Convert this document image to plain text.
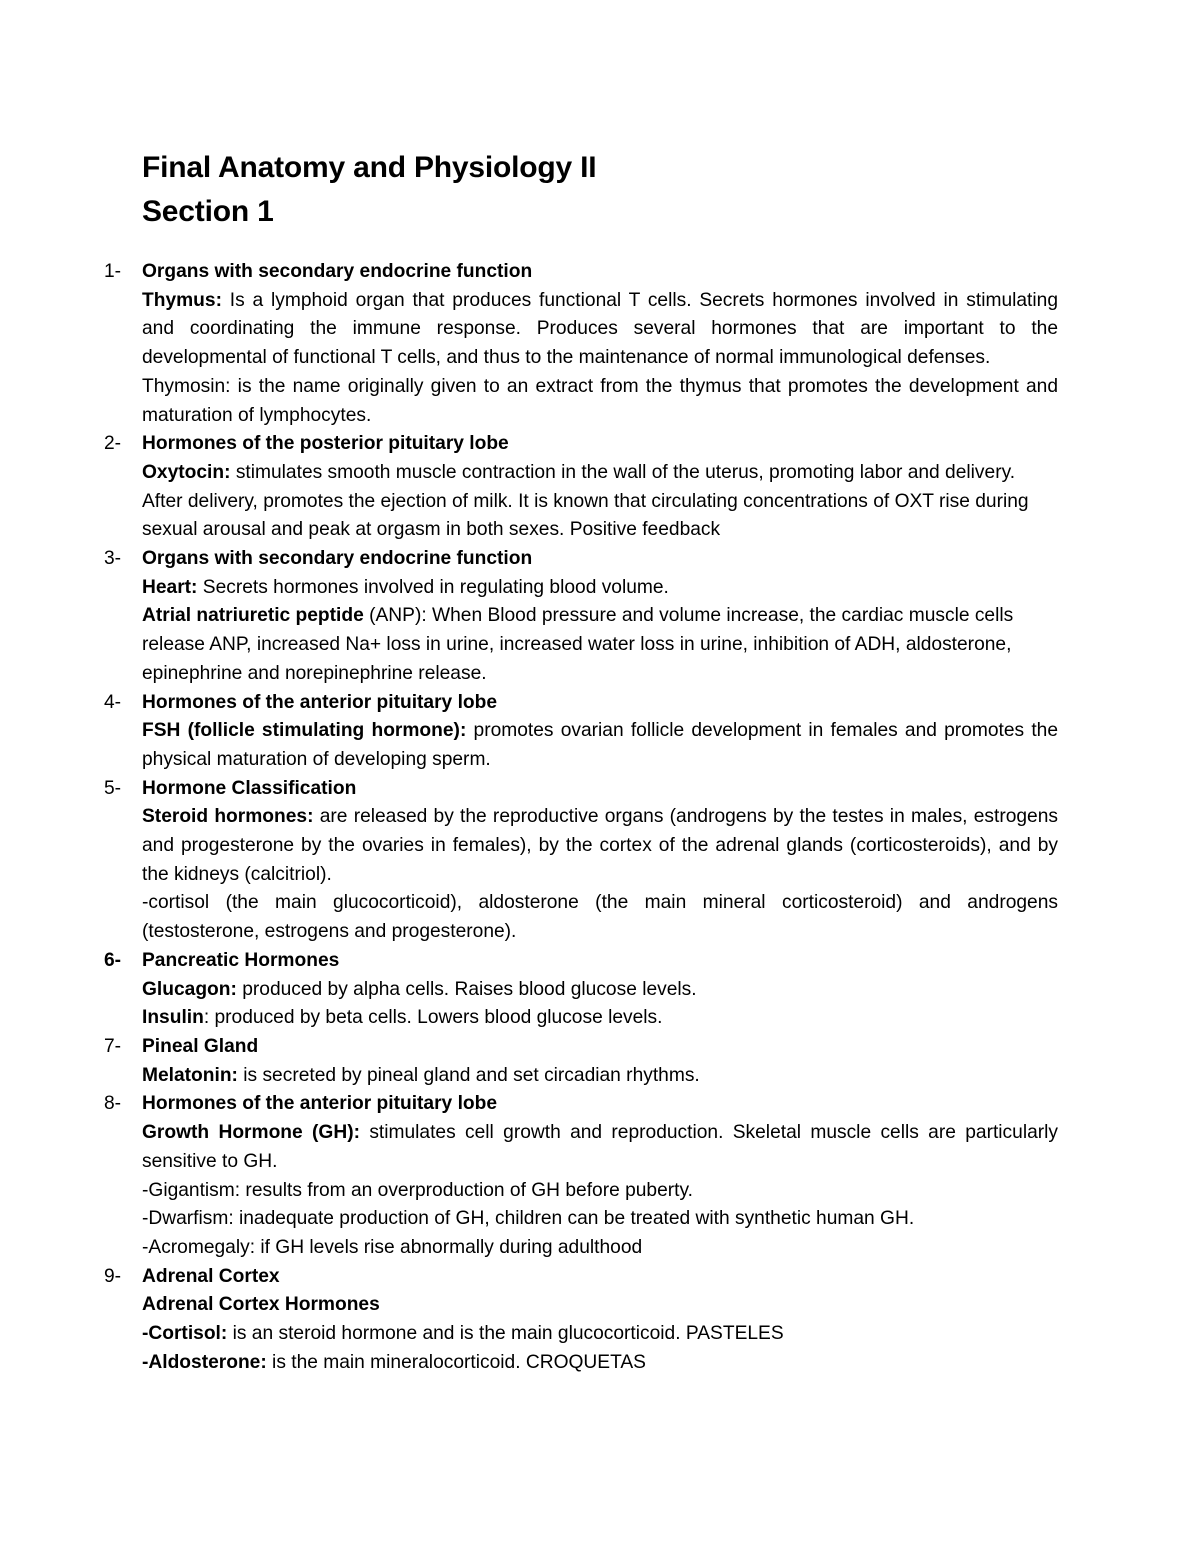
Final Anatomy and Physiology II
Section 1
1-	Organs with secondary endocrine function
Thymus: Is a lymphoid organ that produces functional T cells. Secrets hormones involved in stimulating and coordinating the immune response. Produces several hormones that are important to the developmental of functional T cells, and thus to the maintenance of normal immunological defenses.
Thymosin: is the name originally given to an extract from the thymus that promotes the development and maturation of lymphocytes.
2-	Hormones of the posterior pituitary lobe
Oxytocin: stimulates smooth muscle contraction in the wall of the uterus, promoting labor and delivery. After delivery, promotes the ejection of milk. It is known that circulating concentrations of OXT rise during sexual arousal and peak at orgasm in both sexes. Positive feedback
3-	Organs with secondary endocrine function
Heart: Secrets hormones involved in regulating blood volume.
Atrial natriuretic peptide (ANP): When Blood pressure and volume increase, the cardiac muscle cells release ANP, increased Na+ loss in urine, increased water loss in urine, inhibition of ADH, aldosterone, epinephrine and norepinephrine release.
4-	Hormones of the anterior pituitary lobe
FSH (follicle stimulating hormone): promotes ovarian follicle development in females and promotes the physical maturation of developing sperm.
5-	Hormone Classification
Steroid hormones: are released by the reproductive organs (androgens by the testes in males, estrogens and progesterone by the ovaries in females), by the cortex of the adrenal glands (corticosteroids), and by the kidneys (calcitriol).
-cortisol (the main glucocorticoid), aldosterone (the main mineral corticosteroid) and androgens (testosterone, estrogens and progesterone).
6-	Pancreatic Hormones
Glucagon: produced by alpha cells. Raises blood glucose levels.
Insulin: produced by beta cells. Lowers blood glucose levels.
7-	Pineal Gland
Melatonin: is secreted by pineal gland and set circadian rhythms.
8-	Hormones of the anterior pituitary lobe
Growth Hormone (GH): stimulates cell growth and reproduction. Skeletal muscle cells are particularly sensitive to GH.
-Gigantism: results from an overproduction of GH before puberty.
-Dwarfism: inadequate production of GH, children can be treated with synthetic human GH.
-Acromegaly: if GH levels rise abnormally during adulthood
9-	Adrenal Cortex
Adrenal Cortex Hormones
-Cortisol: is an steroid hormone and is the main glucocorticoid. PASTELES
-Aldosterone: is the main mineralocorticoid. CROQUETAS
